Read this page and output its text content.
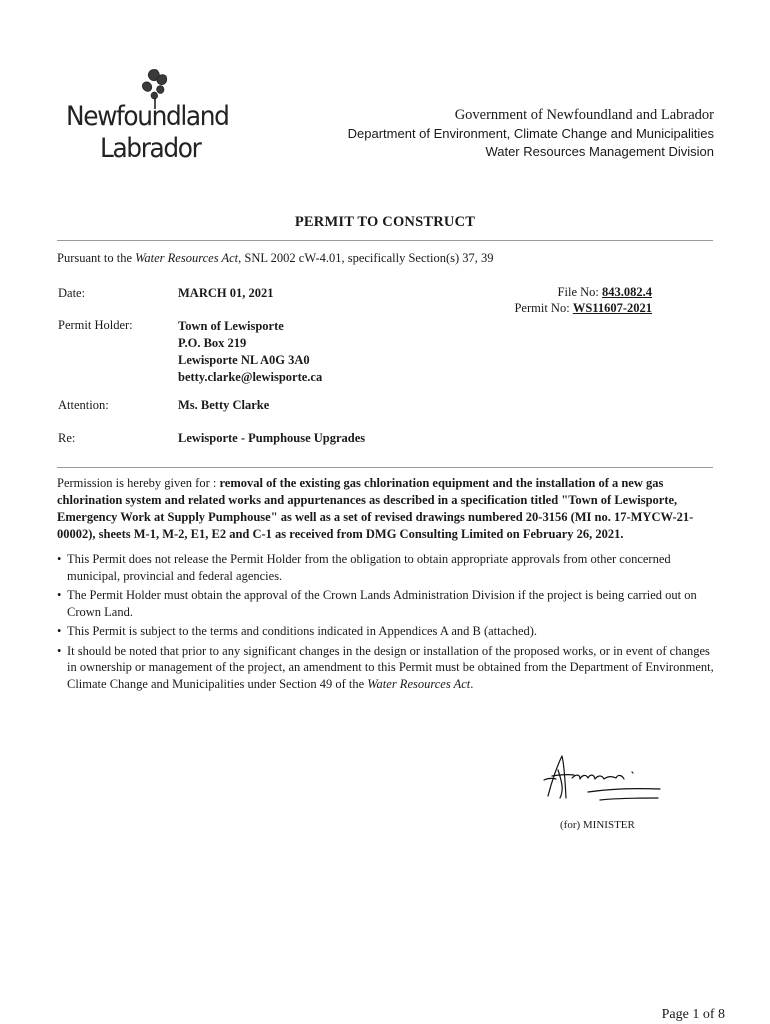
Newfoundland
Labrador
Government of Newfoundland and Labrador
Department of Environment, Climate Change and Municipalities
Water Resources Management Division
PERMIT TO CONSTRUCT
Pursuant to the Water Resources Act, SNL 2002 cW-4.01, specifically Section(s) 37, 39
Date:	MARCH 01, 2021	File No: 843.082.4
Permit No: WS11607-2021
Permit Holder:	Town of Lewisporte
P.O. Box 219
Lewisporte NL A0G 3A0
betty.clarke@lewisporte.ca
Attention:	Ms. Betty Clarke
Re:	Lewisporte - Pumphouse Upgrades
Permission is hereby given for : removal of the existing gas chlorination equipment and the installation of a new gas chlorination system and related works and appurtenances as described in a specification titled "Town of Lewisporte, Emergency Work at Supply Pumphouse" as well as a set of revised drawings numbered 20-3156 (MI no. 17-MYCW-21-00002), sheets M-1, M-2, E1, E2 and C-1 as received from DMG Consulting Limited on February 26, 2021.
• This Permit does not release the Permit Holder from the obligation to obtain appropriate approvals from other concerned municipal, provincial and federal agencies.
• The Permit Holder must obtain the approval of the Crown Lands Administration Division if the project is being carried out on Crown Land.
• This Permit is subject to the terms and conditions indicated in Appendices A and B (attached).
• It should be noted that prior to any significant changes in the design or installation of the proposed works, or in event of changes in ownership or management of the project, an amendment to this Permit must be obtained from the Department of Environment, Climate Change and Municipalities under Section 49 of the Water Resources Act.
(for) MINISTER
Page 1 of 8
